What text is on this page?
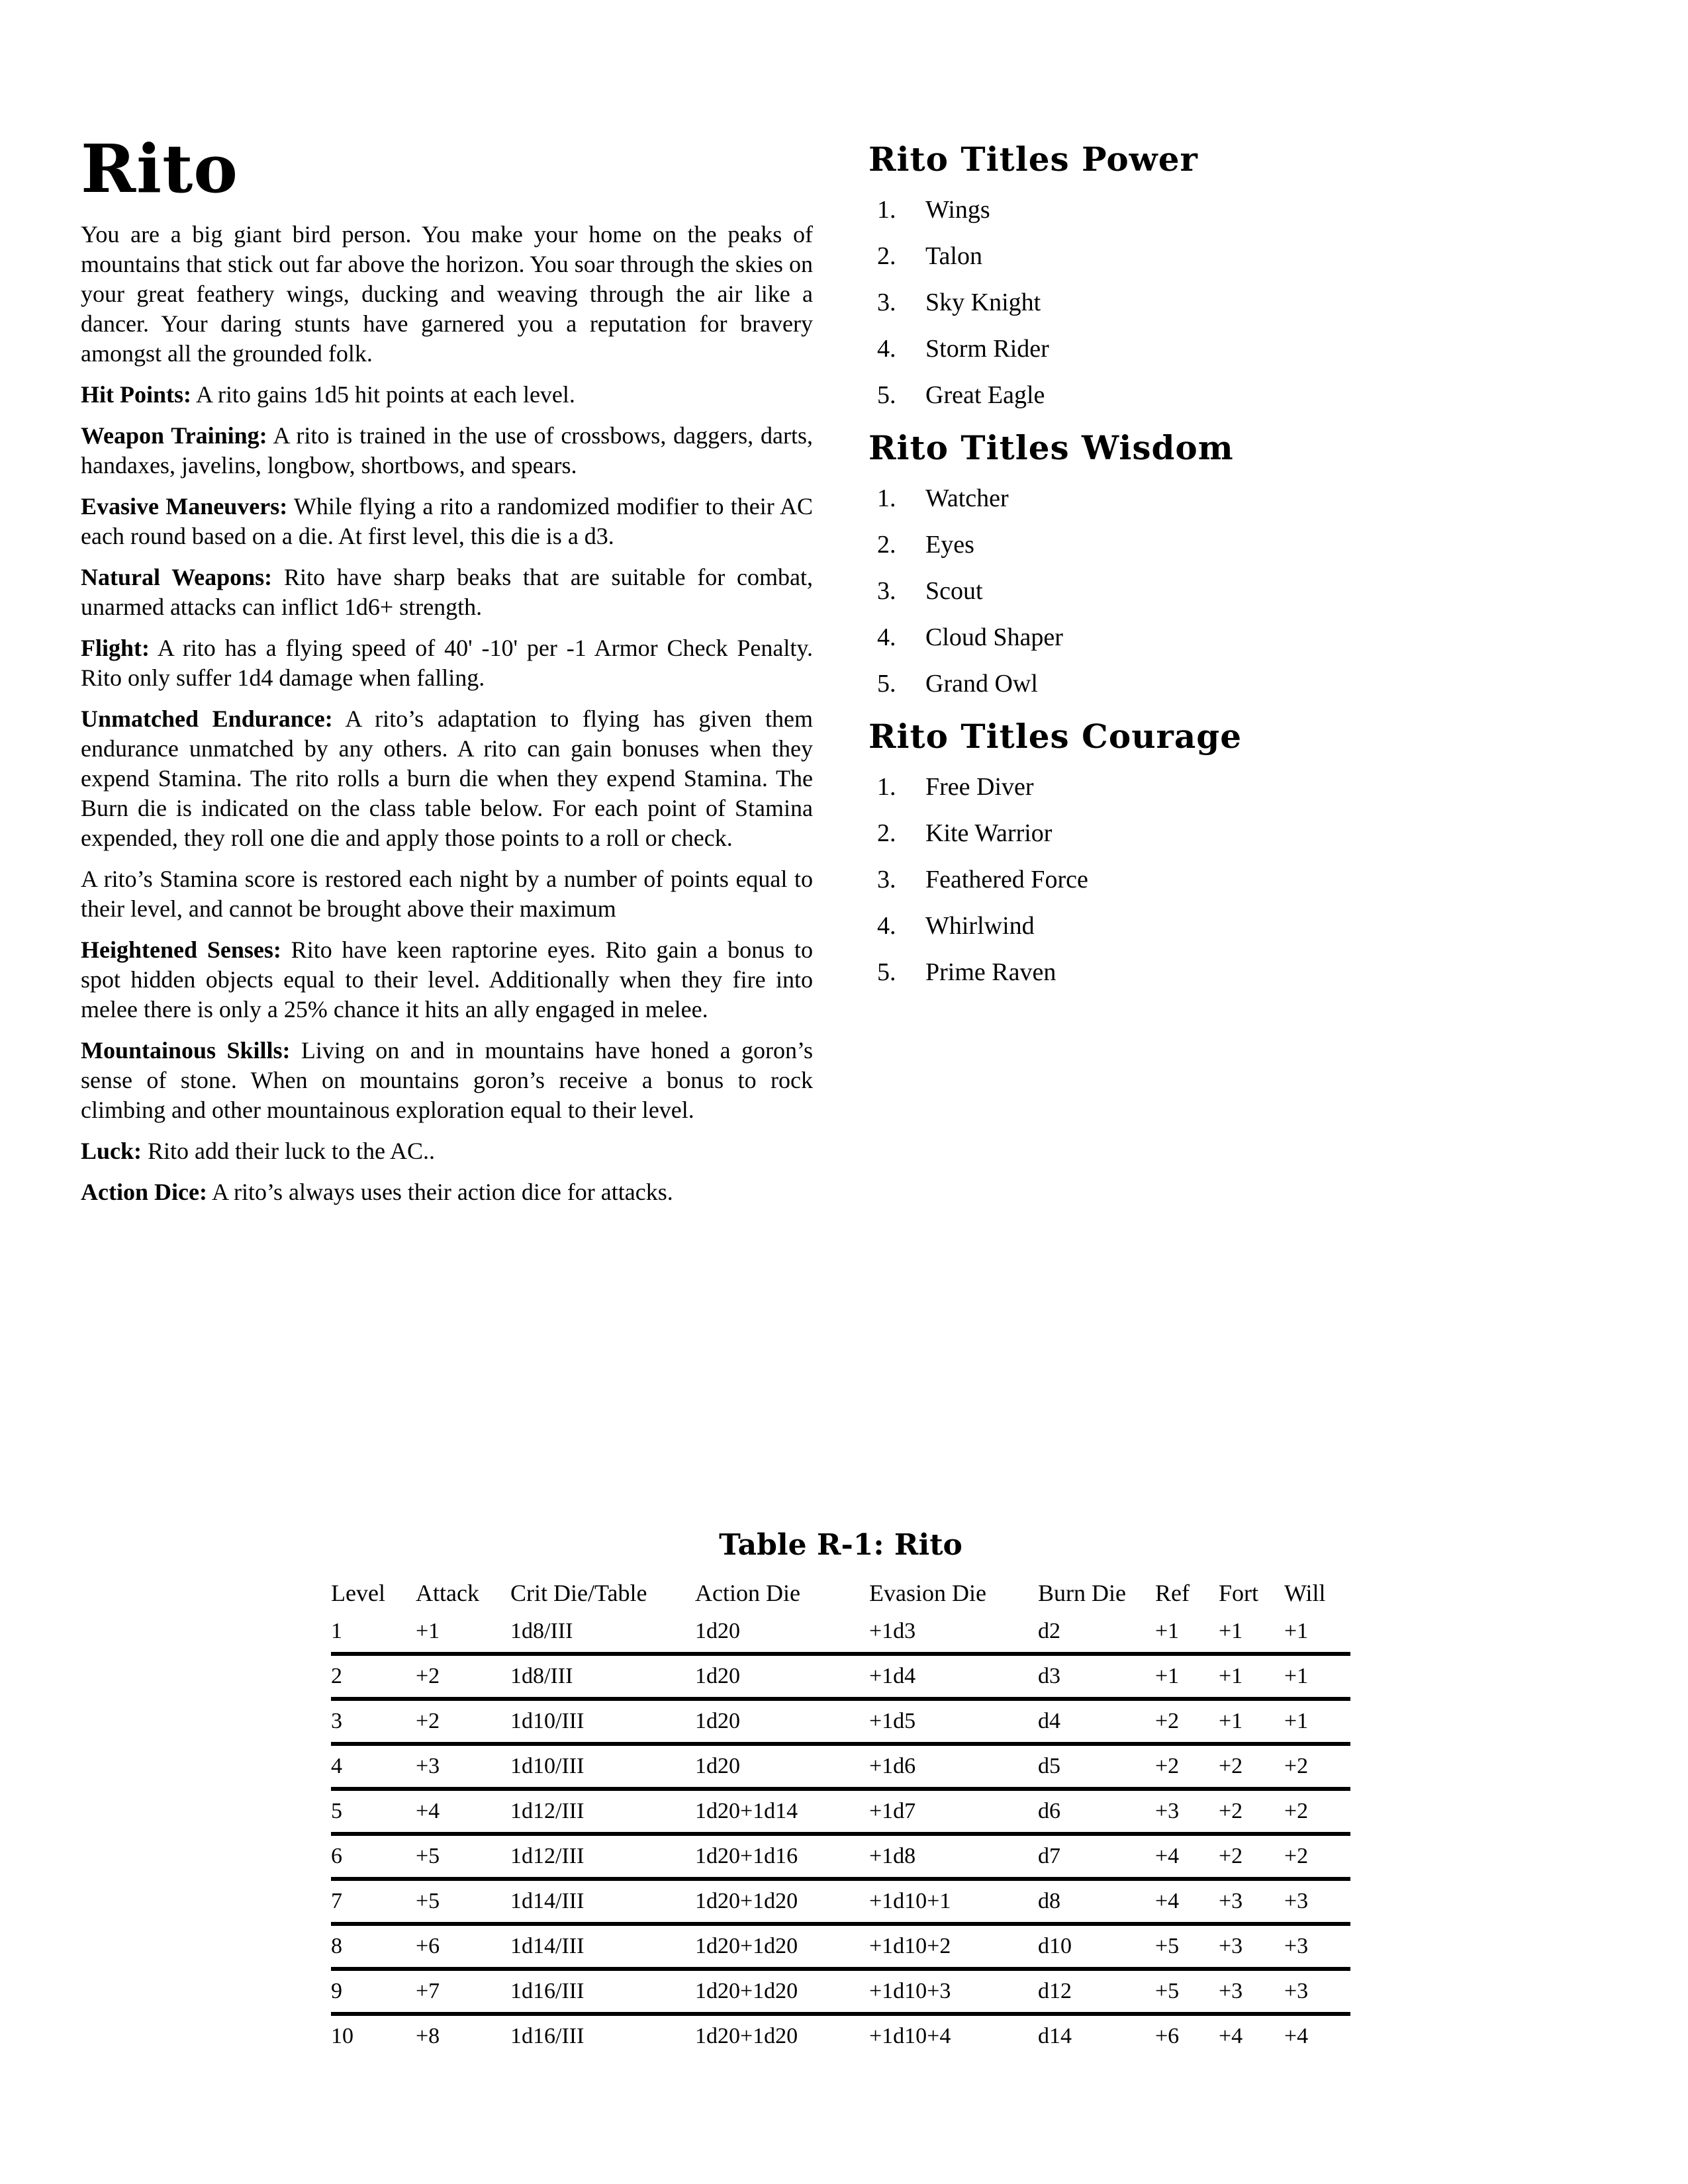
Rito

You are a big giant bird person. You make your home on the peaks of mountains that stick out far above the horizon. You soar through the skies on your great feathery wings, ducking and weaving through the air like a dancer. Your daring stunts have garnered you a reputation for bravery amongst all the grounded folk.

Hit Points: A rito gains 1d5 hit points at each level.

Weapon Training: A rito is trained in the use of crossbows, daggers, darts, handaxes, javelins, longbow, shortbows, and spears.

Evasive Maneuvers: While flying a rito a randomized modifier to their AC each round based on a die. At first level, this die is a d3.

Natural Weapons: Rito have sharp beaks that are suitable for combat, unarmed attacks can inflict 1d6+ strength.

Flight: A rito has a flying speed of 40' -10' per -1 Armor Check Penalty. Rito only suffer 1d4 damage when falling.

Unmatched Endurance: A rito’s adaptation to flying has given them endurance unmatched by any others. A rito can gain bonuses when they expend Stamina. The rito rolls a burn die when they expend Stamina. The Burn die is indicated on the class table below. For each point of Stamina expended, they roll one die and apply those points to a roll or check.

A rito’s Stamina score is restored each night by a number of points equal to their level, and cannot be brought above their maximum

Heightened Senses: Rito have keen raptorine eyes. Rito gain a bonus to spot hidden objects equal to their level. Additionally when they fire into melee there is only a 25% chance it hits an ally engaged in melee.

Mountainous Skills: Living on and in mountains have honed a goron’s sense of stone. When on mountains goron’s receive a bonus to rock climbing and other mountainous exploration equal to their level.

Luck: Rito add their luck to the AC..

Action Dice: A rito’s always uses their action dice for attacks.

Rito Titles Power
1.	Wings
2.	Talon
3.	Sky Knight
4.	Storm Rider
5.	Great Eagle
Rito Titles Wisdom
1.	Watcher
2.	Eyes
3.	Scout
4.	Cloud Shaper
5.	Grand Owl
Rito Titles Courage
1.	Free Diver
2.	Kite Warrior
3.	Feathered Force
4.	Whirlwind
5.	Prime Raven
Table R-1: Rito
Level	Attack	Crit Die/Table	Action Die	Evasion Die	Burn Die	Ref	Fort	Will
1	+1	1d8/III	1d20	+1d3	d2	+1	+1	+1
2	+2	1d8/III	1d20	+1d4	d3	+1	+1	+1
3	+2	1d10/III	1d20	+1d5	d4	+2	+1	+1
4	+3	1d10/III	1d20	+1d6	d5	+2	+2	+2
5	+4	1d12/III	1d20+1d14	+1d7	d6	+3	+2	+2
6	+5	1d12/III	1d20+1d16	+1d8	d7	+4	+2	+2
7	+5	1d14/III	1d20+1d20	+1d10+1	d8	+4	+3	+3
8	+6	1d14/III	1d20+1d20	+1d10+2	d10	+5	+3	+3
9	+7	1d16/III	1d20+1d20	+1d10+3	d12	+5	+3	+3
10	+8	1d16/III	1d20+1d20	+1d10+4	d14	+6	+4	+4
